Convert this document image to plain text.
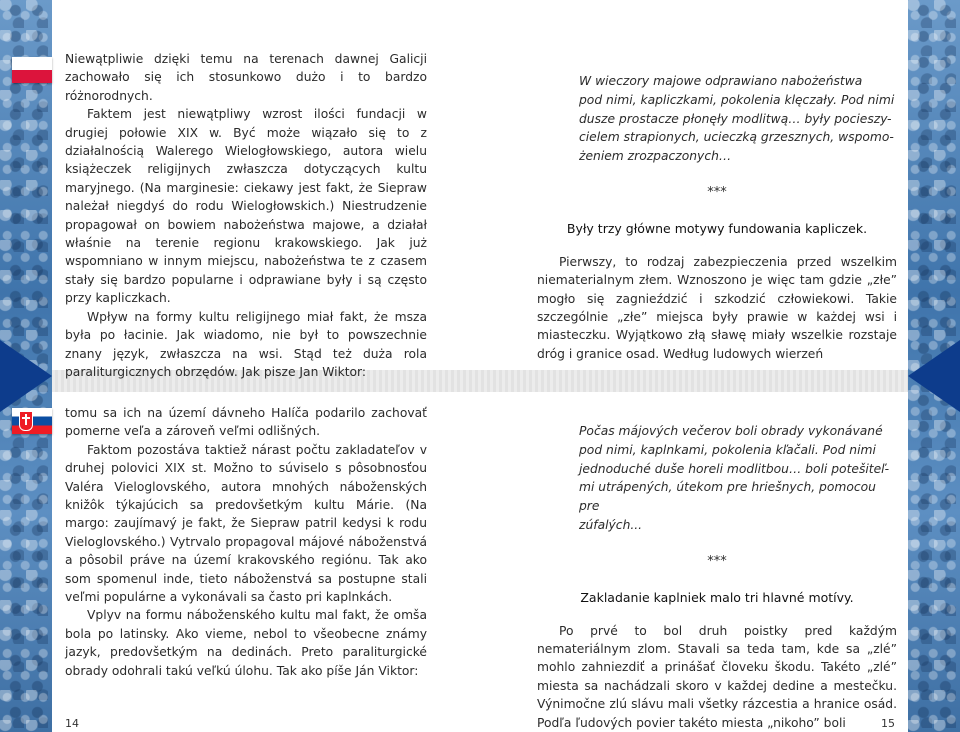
Niewątpliwie dzięki temu na terenach dawnej Galicji zachowało się ich stosunkowo dużo i to bardzo różnorodnych.

Faktem jest niewątpliwy wzrost ilości fundacji w drugiej połowie XIX w. Być może wiązało się to z działalnością Walerego Wielogłowskiego, autora wielu książeczek religijnych zwłaszcza dotyczących kultu maryjnego. (Na marginesie: ciekawy jest fakt, że Siepraw należał niegdyś do rodu Wielogłowskich.) Niestrudzenie propagował on bowiem nabożeństwa majowe, a działał właśnie na terenie regionu krakowskiego. Jak już wspomniano w innym miejscu, nabożeństwa te z czasem stały się bardzo popularne i odprawiane były i są często przy kapliczkach.

Wpływ na formy kultu religijnego miał fakt, że msza była po łacinie. Jak wiadomo, nie był to powszechnie znany język, zwłaszcza na wsi. Stąd też duża rola paraliturgicznych obrzędów. Jak pisze Jan Wiktor:

tomu sa ich na území dávneho Halíča podarilo zachovať pomerne veľa a zároveň veľmi odlišných.

Faktom pozostáva taktiež nárast počtu zakladateľov v druhej polovici XIX st. Možno to súviselo s pôsobnosťou Valéra Vieloglovského, autora mnohých náboženských knižôk týkajúcich sa predovšetkým kultu Márie. (Na margo: zaujímavý je fakt, že Siepraw patril kedysi k rodu Vieloglovského.) Vytrvalo propagoval májové náboženstvá a pôsobil práve na území krakovského regiónu. Tak ako som spomenul inde, tieto náboženstvá sa postupne stali veľmi populárne a vykonávali sa často pri kaplnkách.

Vplyv na formu náboženského kultu mal fakt, že omša bola po latinsky. Ako vieme, nebol to všeobecne známy jazyk, predovšetkým na dedinách. Preto paraliturgické obrady odohrali takú veľkú úlohu. Tak ako píše Ján Viktor:

W wieczory majowe odprawiano nabożeństwa
pod nimi, kapliczkami, pokolenia klęczały. Pod nimi
dusze prostacze płonęły modlitwą… były pocieszy-
cielem strapionych, ucieczką grzesznych, wspomo-
żeniem zrozpaczonych…

***

Były trzy główne motywy fundowania kapliczek.

Pierwszy, to rodzaj zabezpieczenia przed wszelkim niematerialnym złem. Wznoszono je więc tam gdzie „złe” mogło się zagnieździć i szkodzić człowiekowi. Takie szczególnie „złe” miejsca były prawie w każdej wsi i miasteczku. Wyjątkowo złą sławę miały wszelkie rozstaje dróg i granice osad. Według ludowych wierzeń

Počas májových večerov boli obrady vykonávané
pod nimi, kaplnkami, pokolenia kľačali. Pod nimi
jednoduché duše horeli modlitbou… boli potešiteľ-
mi utrápených, útekom pre hriešnych, pomocou pre
zúfalých...

***

Zakladanie kaplniek malo tri hlavné motívy.

Po prvé to bol druh poistky pred každým nemateriálnym zlom. Stavali sa teda tam, kde sa „zlé” mohlo zahniezdiť a prinášať človeku škodu. Takéto „zlé” miesta sa nachádzali skoro v každej dedine a mestečku. Výnimočne zlú slávu mali všetky rázcestia a hranice osád. Podľa ľudových povier takéto miesta „nikoho” boli

14	15
